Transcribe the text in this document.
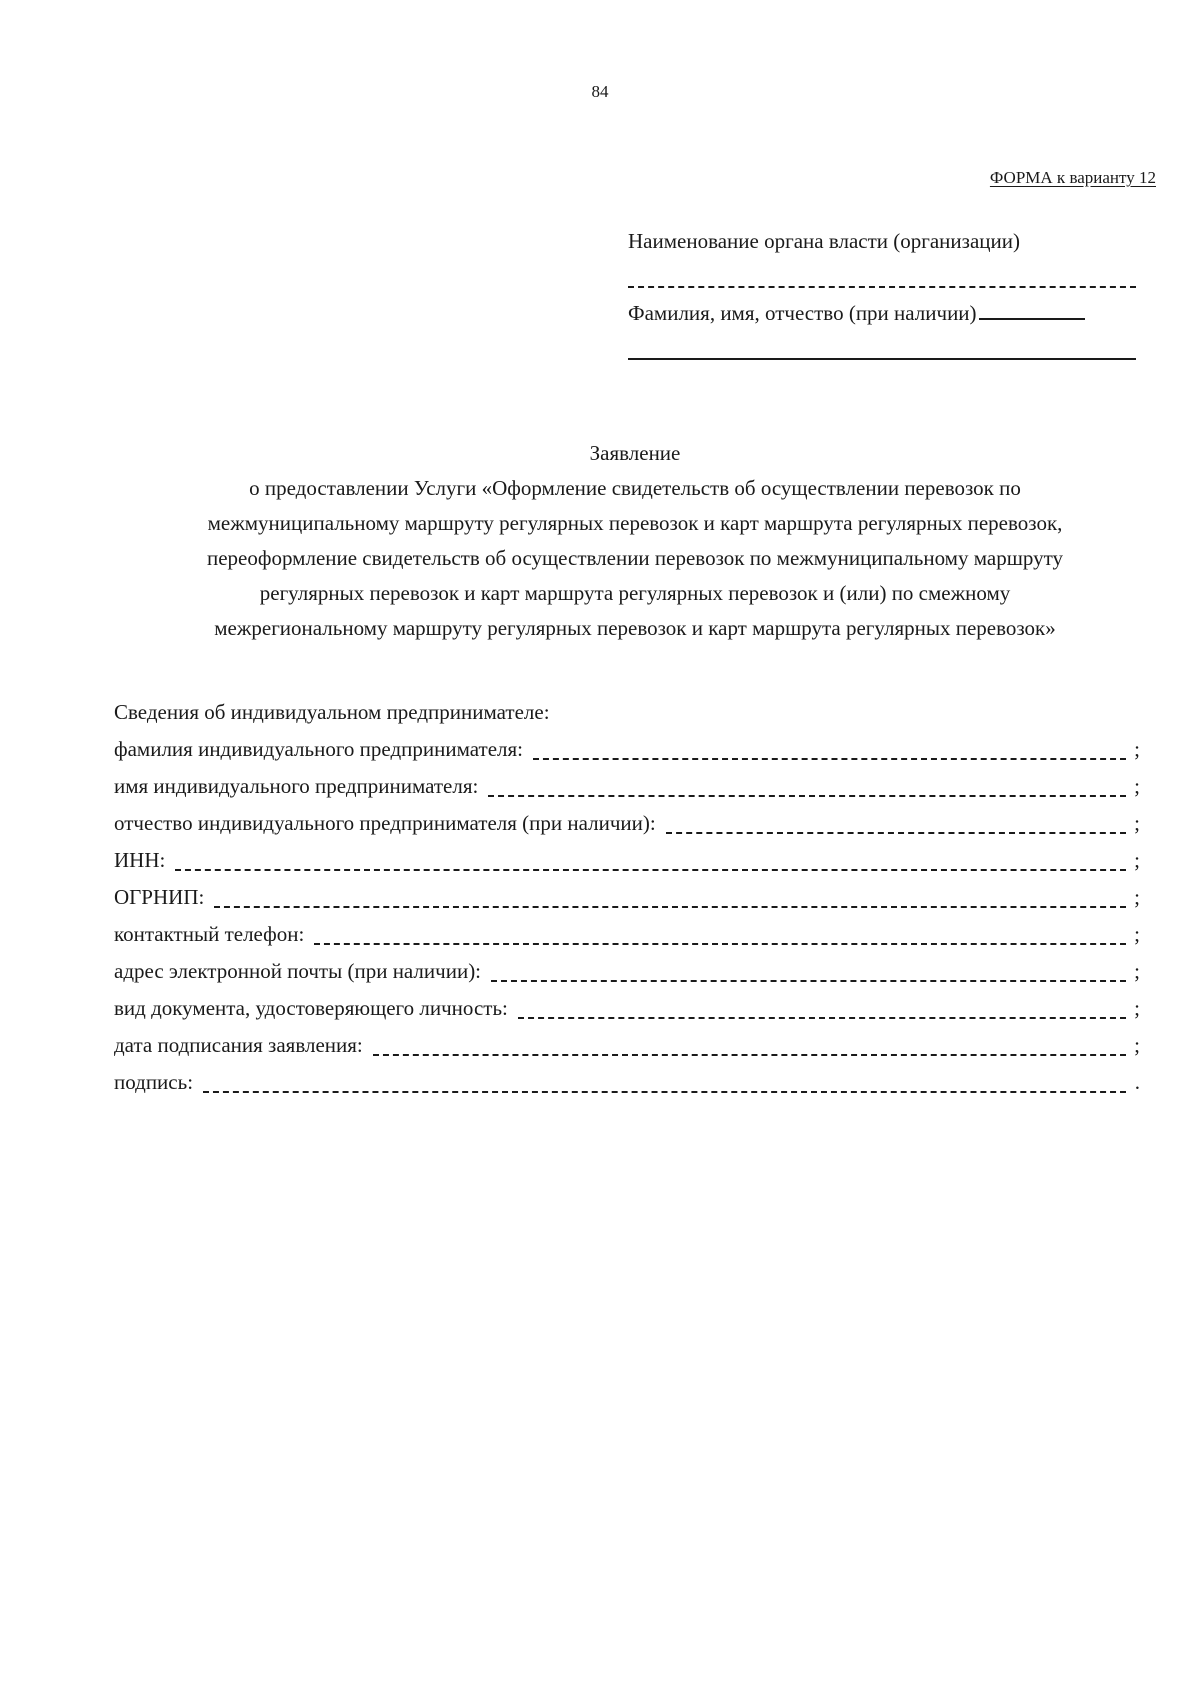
84
ФОРМА к варианту 12
Наименование органа власти (организации)
Фамилия, имя, отчество (при наличии)
Заявление
о предоставлении Услуги «Оформление свидетельств об осуществлении перевозок по
межмуниципальному маршруту регулярных перевозок и карт маршрута регулярных перевозок,
переоформление свидетельств об осуществлении перевозок по межмуниципальному маршруту
регулярных перевозок и карт маршрута регулярных перевозок и (или) по смежному
межрегиональному маршруту регулярных перевозок и карт маршрута регулярных перевозок»
Сведения об индивидуальном предпринимателе:
фамилия индивидуального предпринимателя:	;
имя индивидуального предпринимателя:	;
отчество индивидуального предпринимателя (при наличии):	;
ИНН:	;
ОГРНИП:	;
контактный телефон:	;
адрес электронной почты (при наличии):	;
вид документа, удостоверяющего личность:	;
дата подписания заявления:	;
подпись:	.
